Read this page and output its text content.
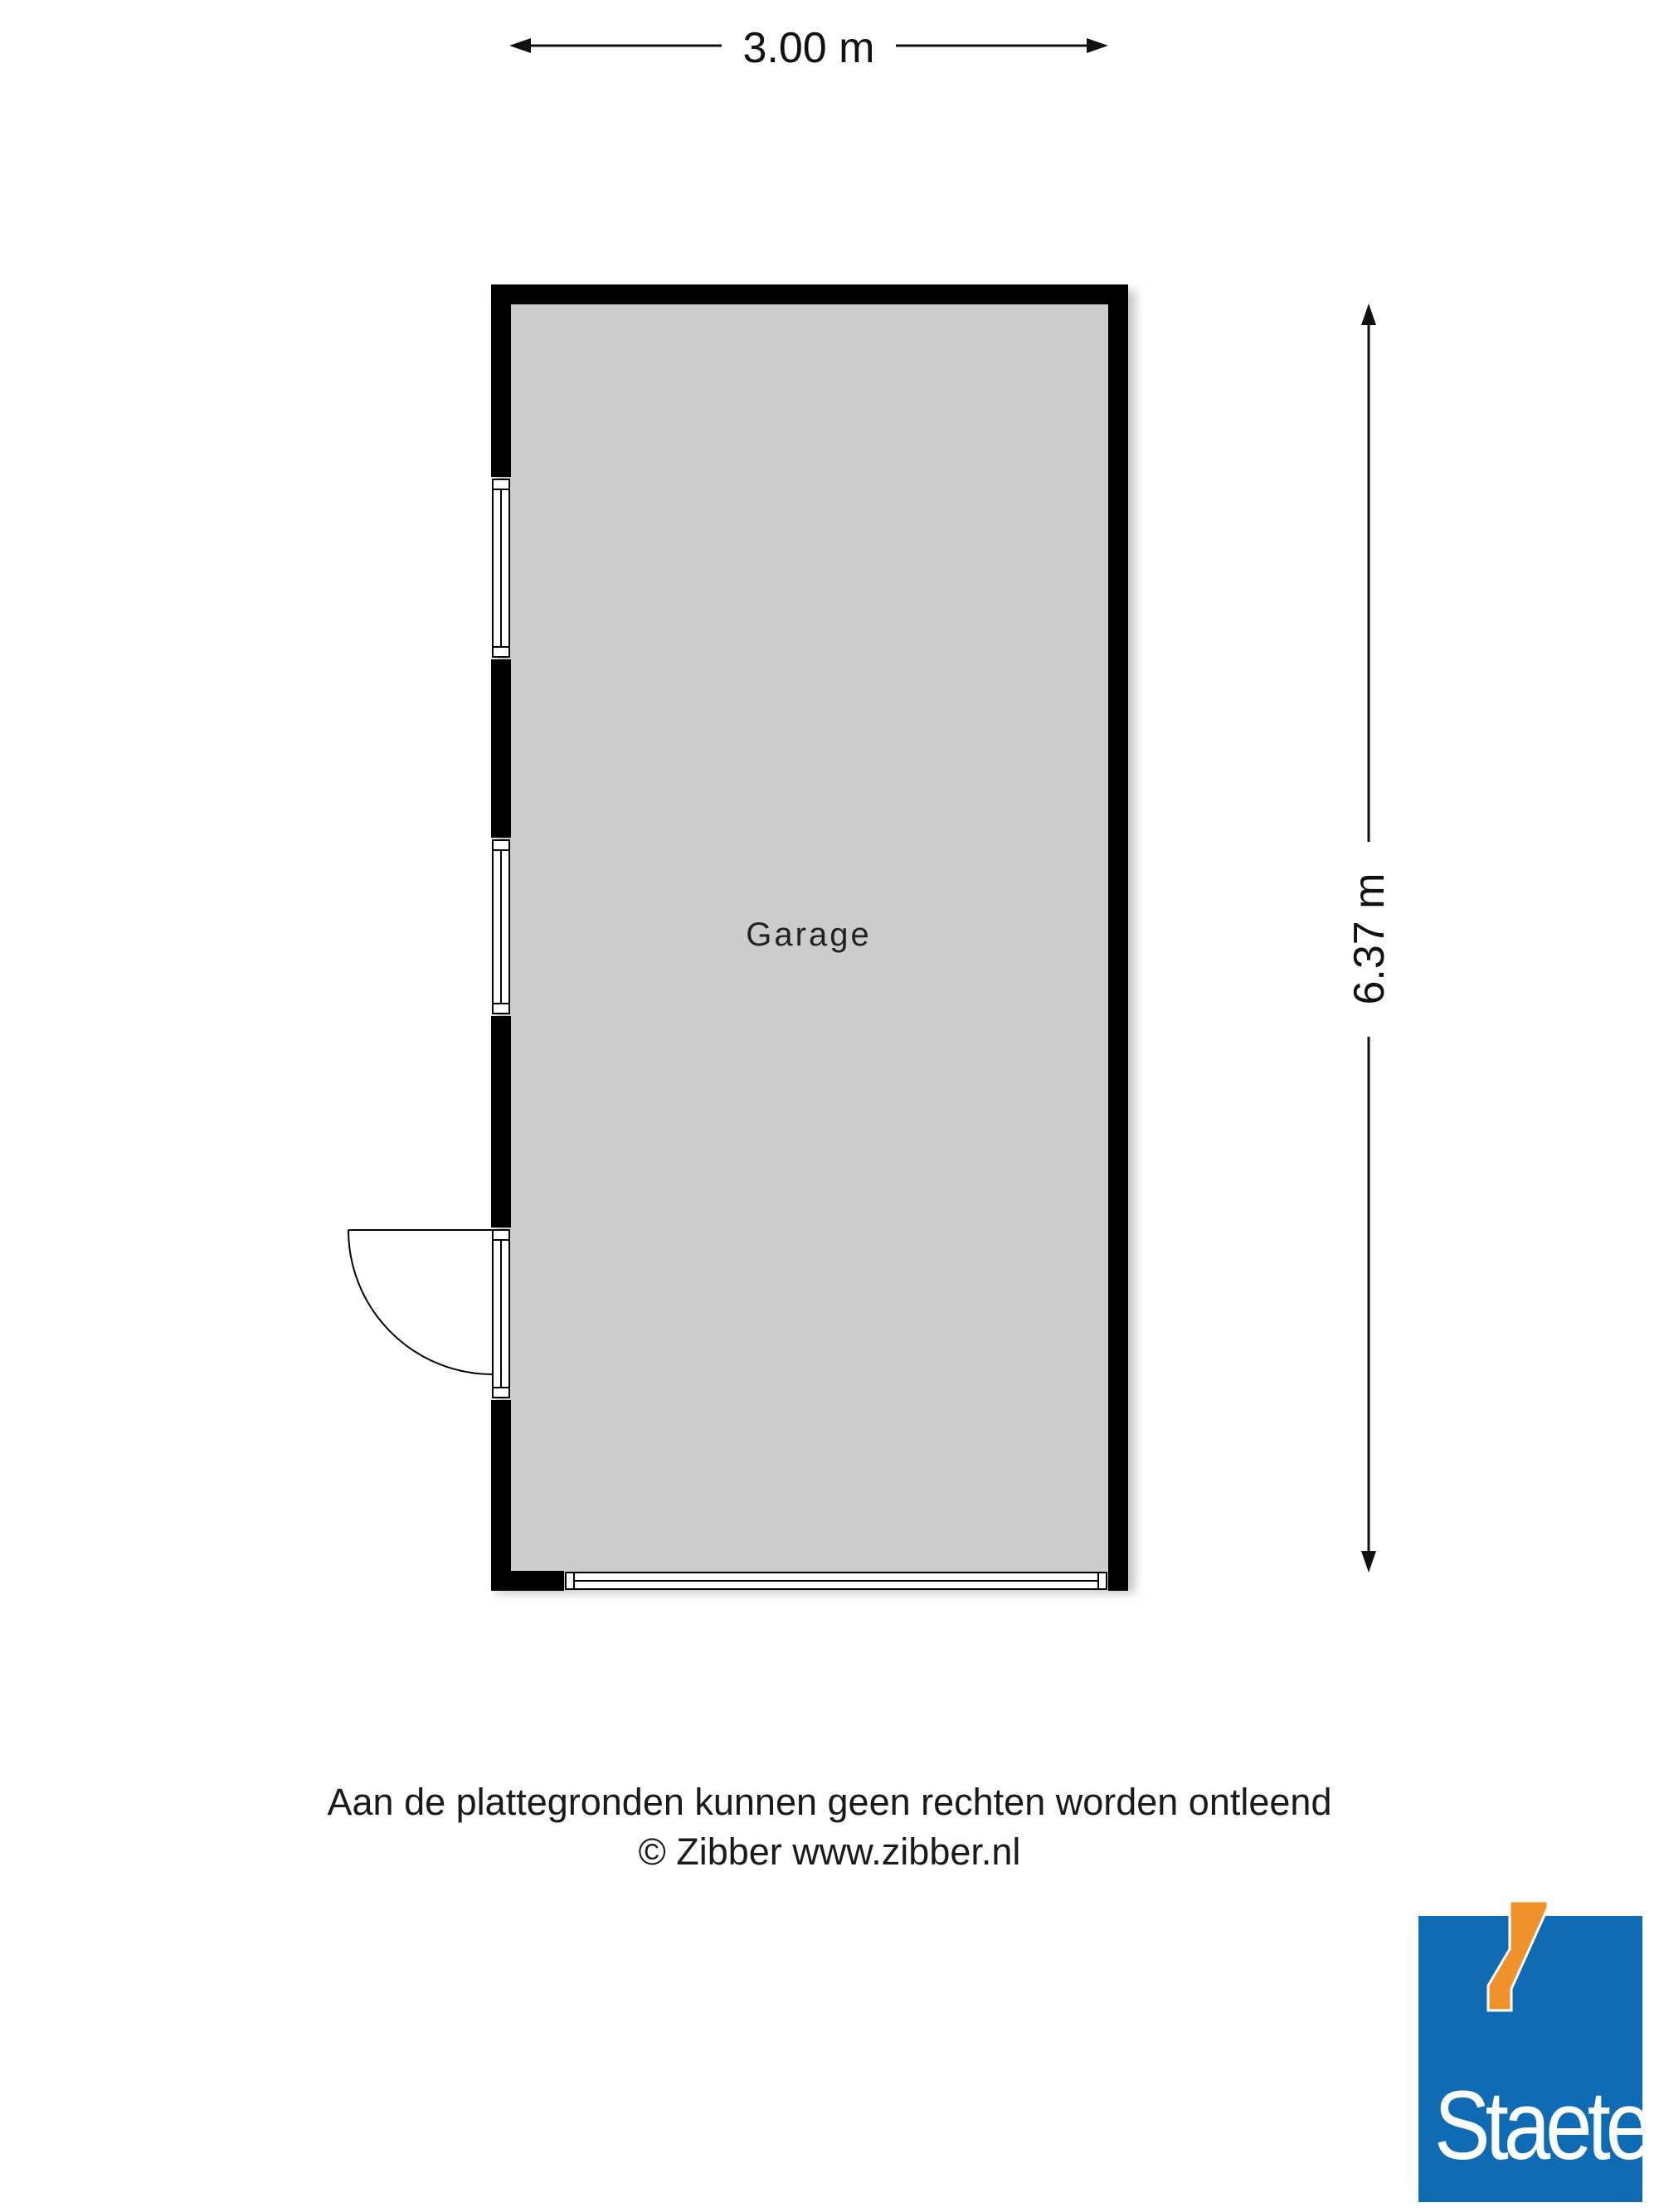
3.00 m
6.37 m
Garage
Aan de plattegronden kunnen geen rechten worden ontleend
© Zibber www.zibber.nl
Staete
